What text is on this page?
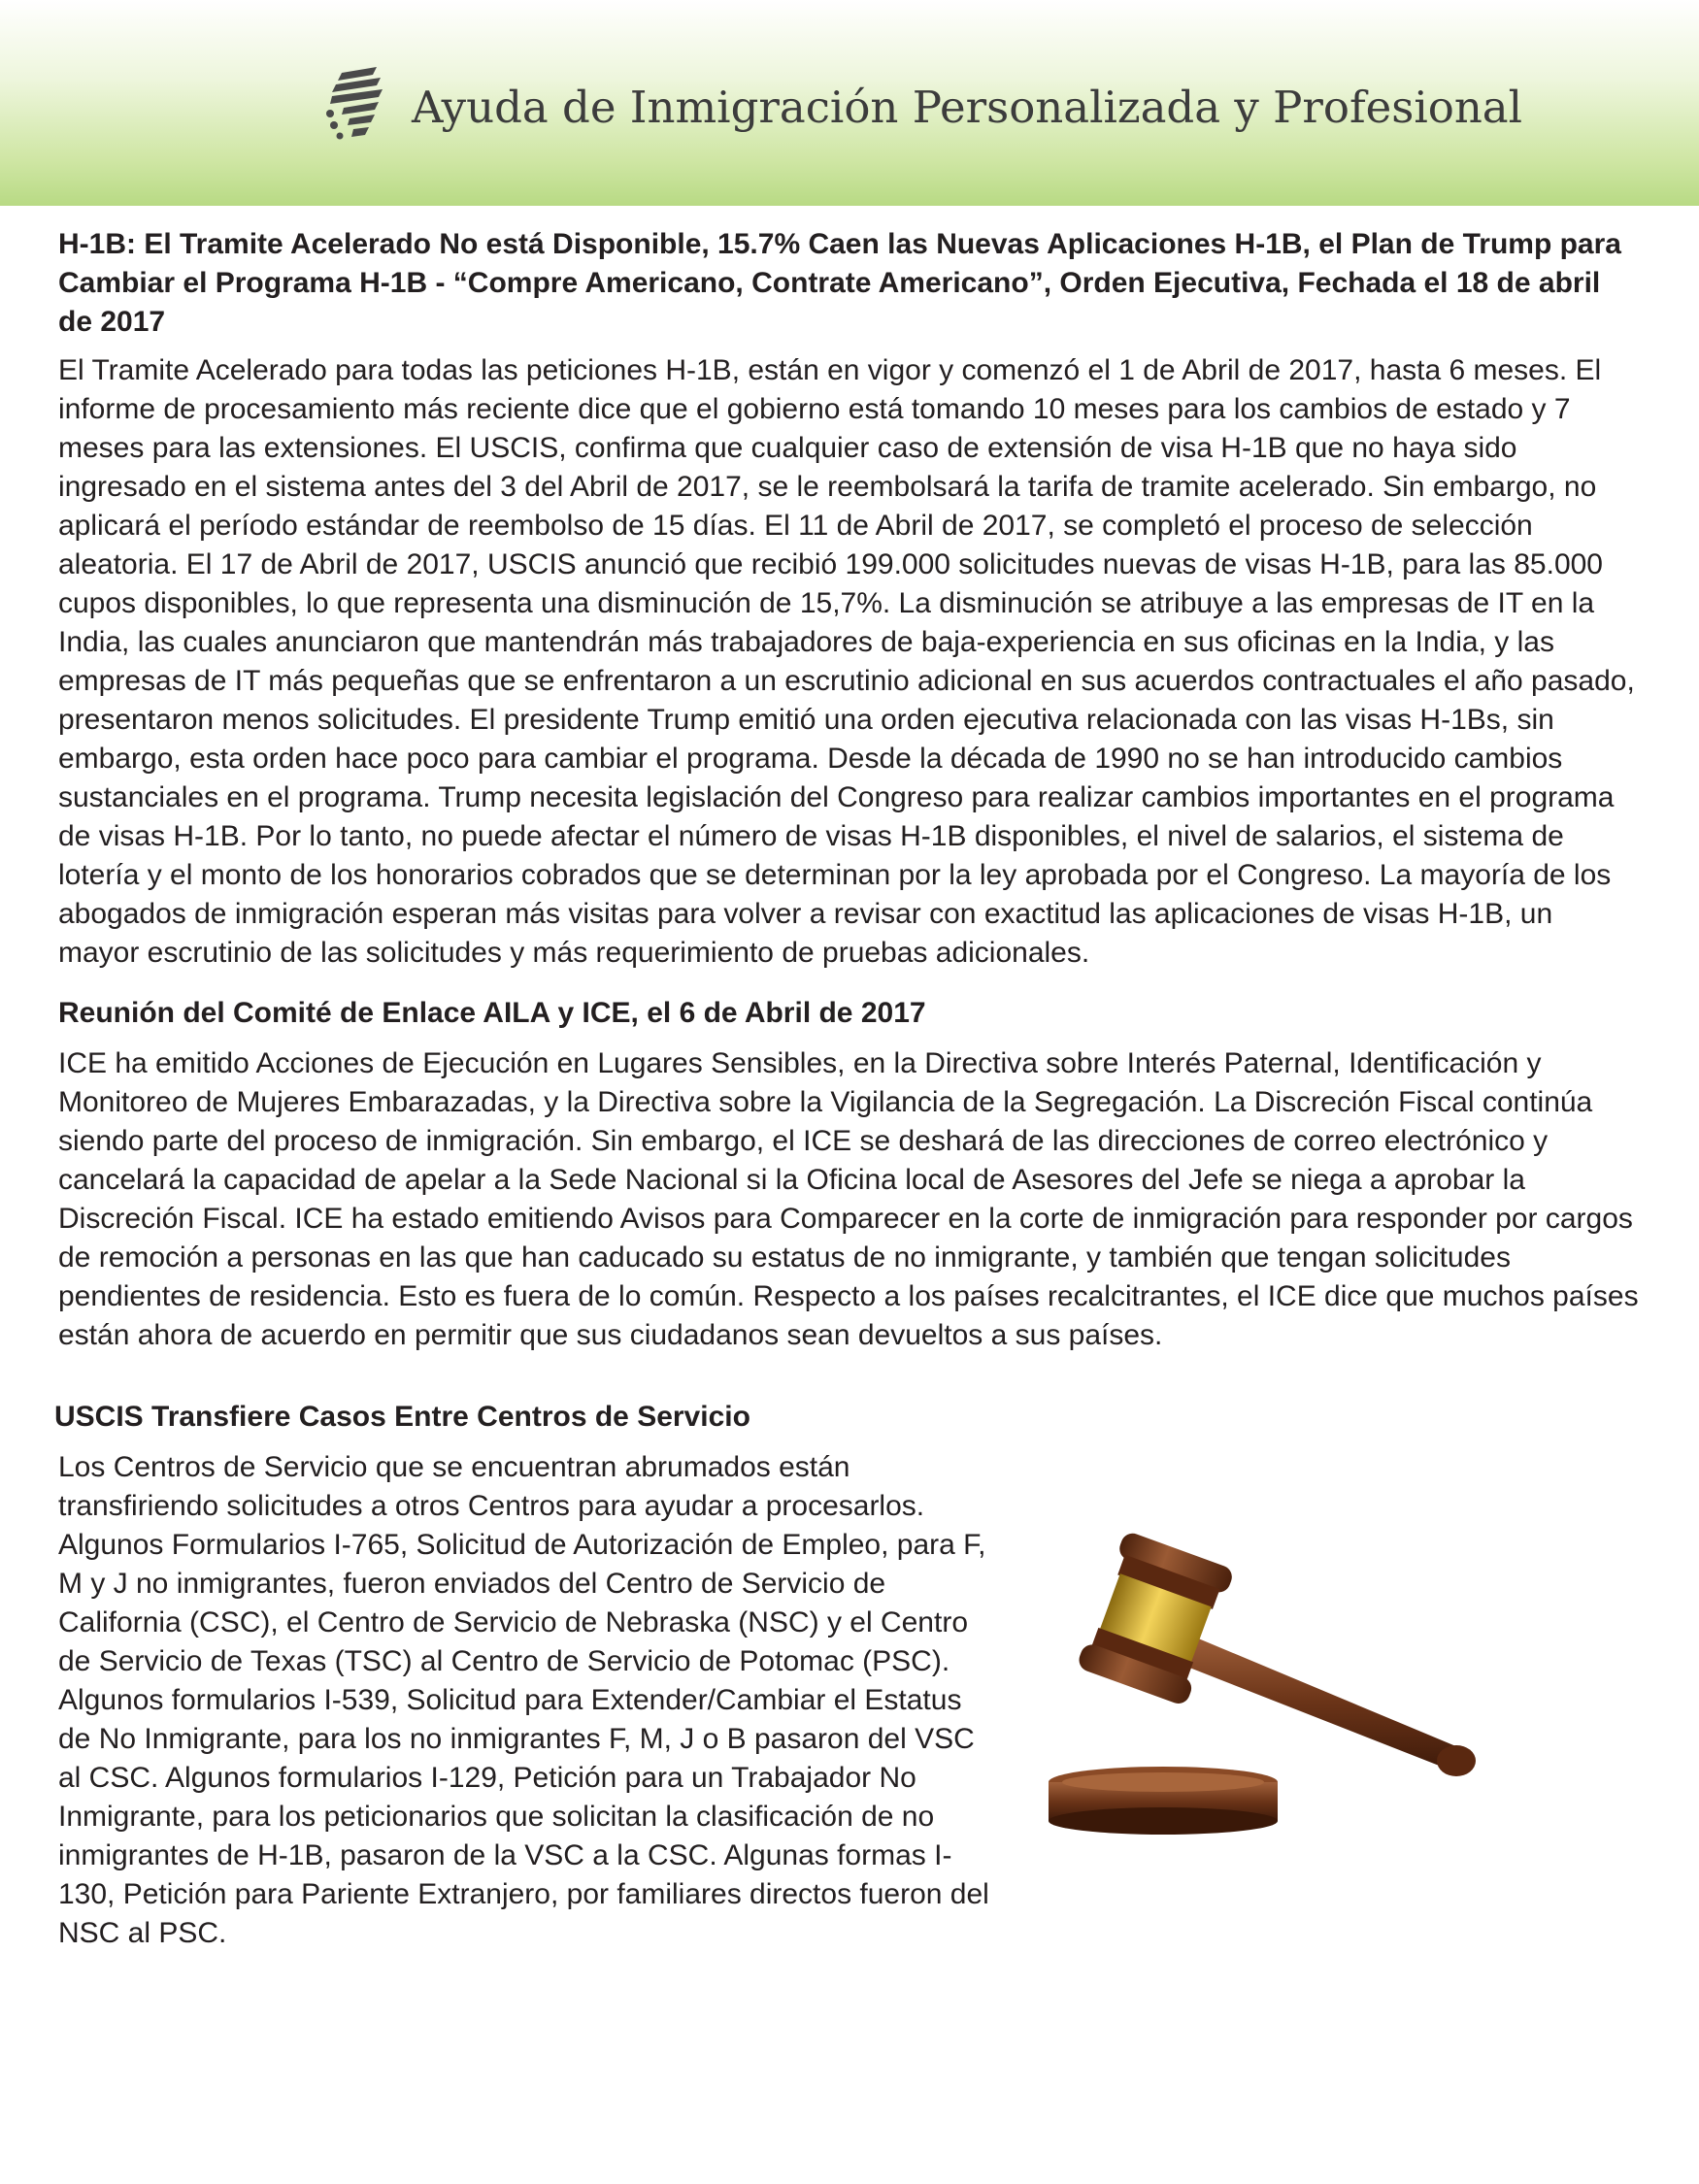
Ayuda de Inmigración Personalizada y Profesional
H-1B: El Tramite Acelerado No está Disponible, 15.7% Caen las Nuevas Aplicaciones H-1B, el Plan de Trump para Cambiar el Programa H-1B - “Compre Americano, Contrate Americano”, Orden Ejecutiva, Fechada el 18 de abril de 2017

El Tramite Acelerado para todas las peticiones H-1B, están en vigor y comenzó el 1 de Abril de 2017, hasta 6 meses. El informe de procesamiento más reciente dice que el gobierno está tomando 10 meses para los cambios de estado y 7 meses para las extensiones. El USCIS, confirma que cualquier caso de extensión de visa H-1B que no haya sido ingresado en el sistema antes del 3 del Abril de 2017, se le reembolsará la tarifa de tramite acelerado. Sin embargo, no aplicará el período estándar de reembolso de 15 días. El 11 de Abril de 2017, se completó el proceso de selección aleatoria. El 17 de Abril de 2017, USCIS anunció que recibió 199.000 solicitudes nuevas de visas H-1B, para las 85.000 cupos disponibles, lo que representa una disminución de 15,7%. La disminución se atribuye a las empresas de IT en la India, las cuales anunciaron que mantendrán más trabajadores de baja-experiencia en sus oficinas en la India, y las empresas de IT más pequeñas que se enfrentaron a un escrutinio adicional en sus acuerdos contractuales el año pasado, presentaron menos solicitudes. El presidente Trump emitió una orden ejecutiva relacionada con las visas H-1Bs, sin embargo, esta orden hace poco para cambiar el programa. Desde la década de 1990 no se han introducido cambios sustanciales en el programa. Trump necesita legislación del Congreso para realizar cambios importantes en el programa de visas H-1B. Por lo tanto, no puede afectar el número de visas H-1B disponibles, el nivel de salarios, el sistema de lotería y el monto de los honorarios cobrados que se determinan por la ley aprobada por el Congreso. La mayoría de los abogados de inmigración esperan más visitas para volver a revisar con exactitud las aplicaciones de visas H-1B, un mayor escrutinio de las solicitudes y más requerimiento de pruebas adicionales.

Reunión del Comité de Enlace AILA y ICE, el 6 de Abril de 2017

ICE ha emitido Acciones de Ejecución en Lugares Sensibles, en la Directiva sobre Interés Paternal, Identificación y Monitoreo de Mujeres Embarazadas, y la Directiva sobre la Vigilancia de la Segregación. La Discreción Fiscal continúa siendo parte del proceso de inmigración. Sin embargo, el ICE se deshará de las direcciones de correo electrónico y cancelará la capacidad de apelar a la Sede Nacional si la Oficina local de Asesores del Jefe se niega a aprobar la Discreción Fiscal. ICE ha estado emitiendo Avisos para Comparecer en la corte de inmigración para responder por cargos de remoción a personas en las que han caducado su estatus de no inmigrante, y también que tengan solicitudes pendientes de residencia. Esto es fuera de lo común. Respecto a los países recalcitrantes, el ICE dice que muchos países están ahora de acuerdo en permitir que sus ciudadanos sean devueltos a sus países.

USCIS Transfiere Casos Entre Centros de Servicio

Los Centros de Servicio que se encuentran abrumados están transfiriendo solicitudes a otros Centros para ayudar a procesarlos. Algunos Formularios I-765, Solicitud de Autorización de Empleo, para F, M y J no inmigrantes, fueron enviados del Centro de Servicio de California (CSC), el Centro de Servicio de Nebraska (NSC) y el Centro de Servicio de Texas (TSC) al Centro de Servicio de Potomac (PSC). Algunos formularios I-539, Solicitud para Extender/Cambiar el Estatus de No Inmigrante, para los no inmigrantes F, M, J o B pasaron del VSC al CSC. Algunos formularios I-129, Petición para un Trabajador No Inmigrante, para los peticionarios que solicitan la clasificación de no inmigrantes de H-1B, pasaron de la VSC a la CSC. Algunas formas I-130, Petición para Pariente Extranjero, por familiares directos fueron del NSC al PSC.
